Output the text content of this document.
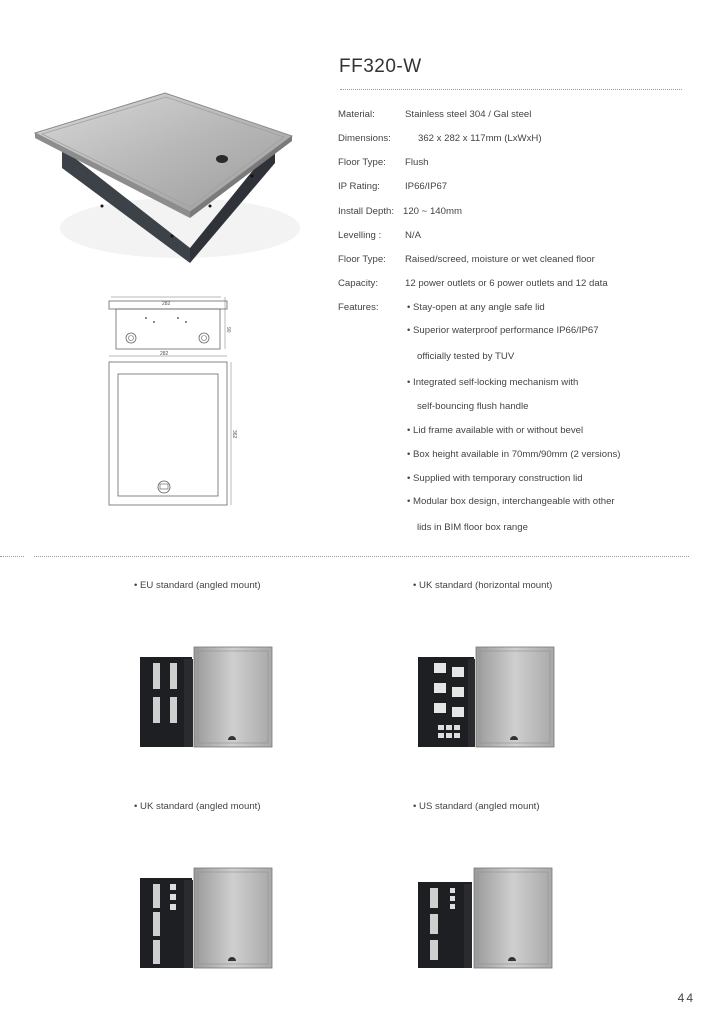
FF320-W
282
90
282
362
Material:	Stainless steel 304 / Gal steel
Dimensions:	362 x 282 x 117mm (LxWxH)
Floor Type: Flush
IP Rating:	IP66/IP67
Install Depth: 120 ~ 140mm
Levelling : N/A
Floor Type: Raised/screed, moisture or wet cleaned floor
Capacity:	12 power outlets or 6 power outlets and 12 data
Features:	• Stay-open at any angle safe lid
• Superior waterproof performance IP66/IP67
officially tested by TUV
• Integrated self-locking mechanism with
self-bouncing flush handle
• Lid frame available with or without bevel
• Box height available in 70mm/90mm (2 versions)
• Supplied with temporary construction lid
• Modular box design, interchangeable with other
lids in BIM floor box range
• EU standard (angled mount)	• UK standard (horizontal mount)
• UK standard (angled mount)	• US standard (angled mount)
44
